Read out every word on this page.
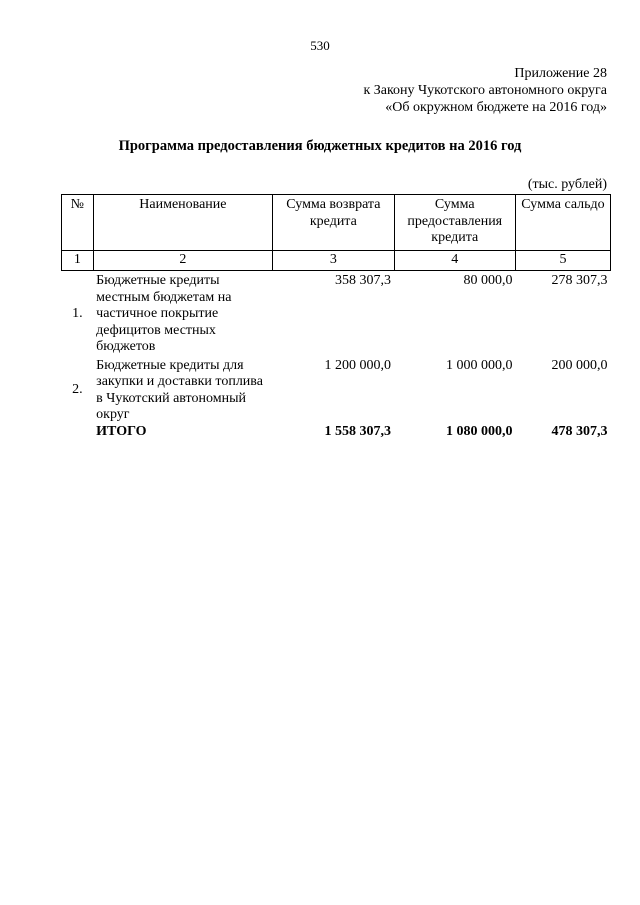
530
Приложение 28
к Закону Чукотского автономного округа
«Об окружном бюджете на 2016 год»
Программа предоставления бюджетных кредитов на 2016 год
(тыс. рублей)
№	Наименование	Сумма возврата кредита	Сумма предоставления кредита	Сумма сальдо
1	2	3	4	5
1.	Бюджетные кредиты местным бюджетам на частичное покрытие дефицитов местных бюджетов	358 307,3	80 000,0	278 307,3
2.	Бюджетные кредиты для закупки и доставки топлива в Чукотский автономный округ	1 200 000,0	1 000 000,0	200 000,0
	ИТОГО	1 558 307,3	1 080 000,0	478 307,3
